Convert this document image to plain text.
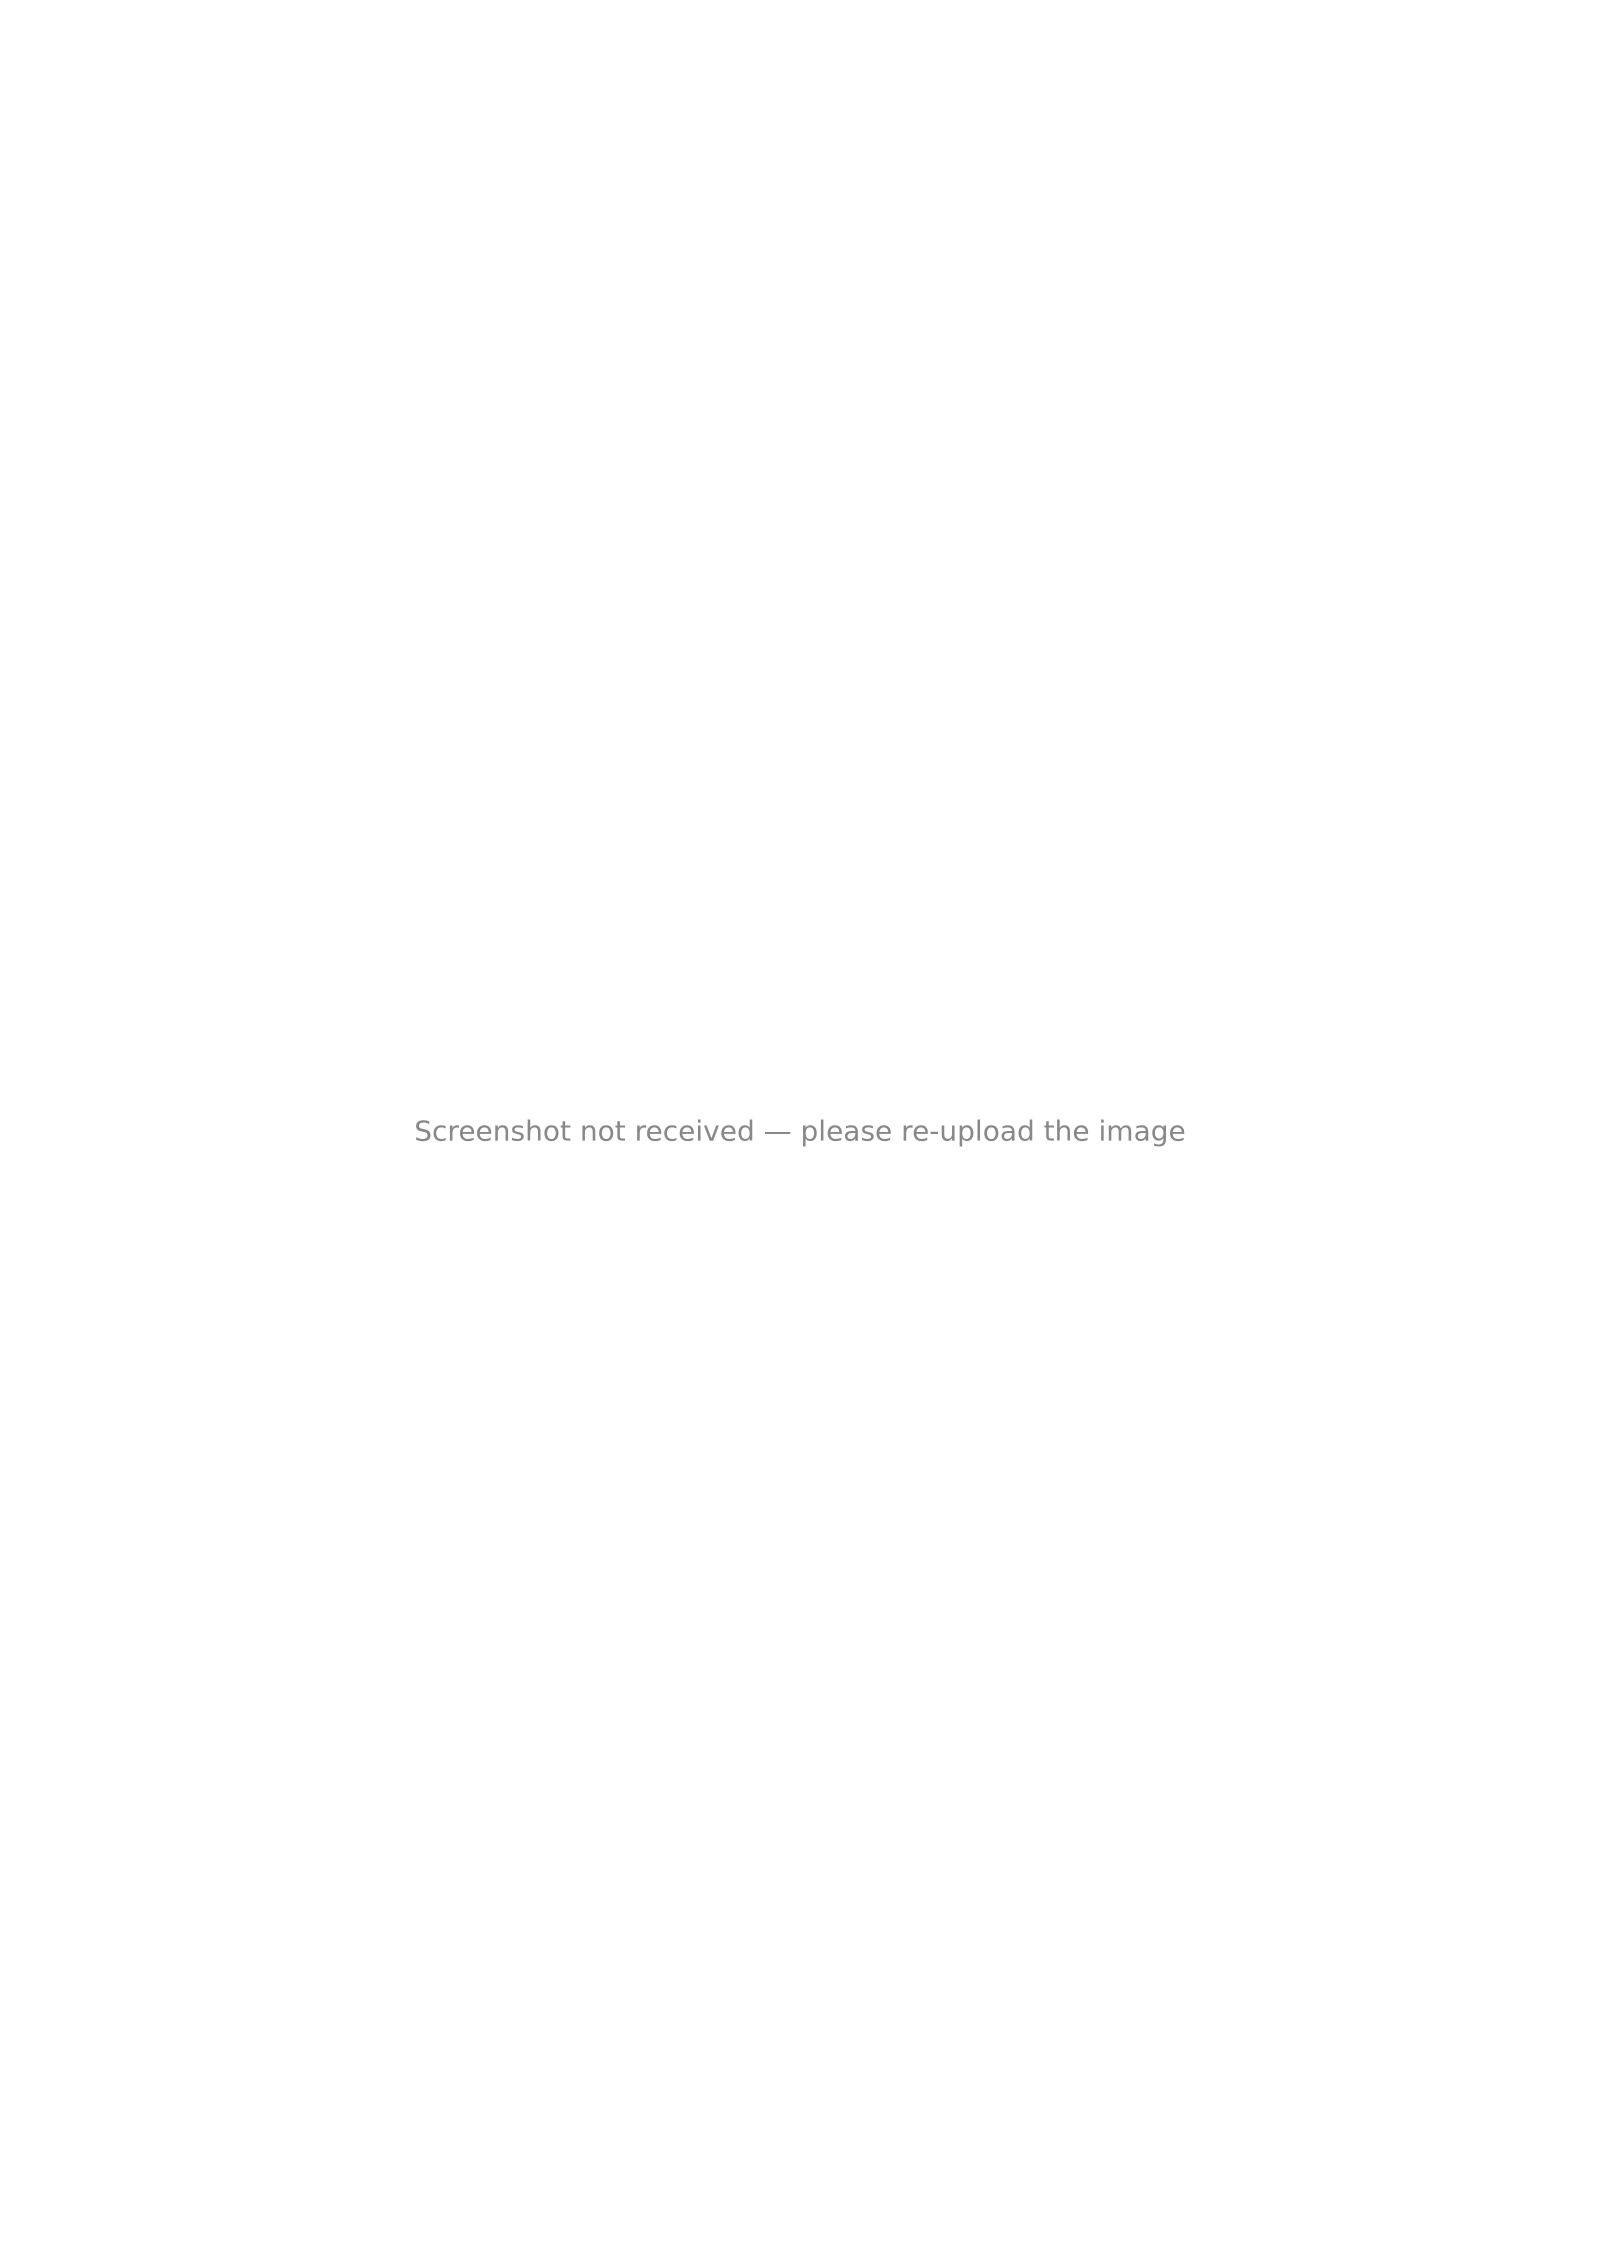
Screenshot not received — please re-upload the image
